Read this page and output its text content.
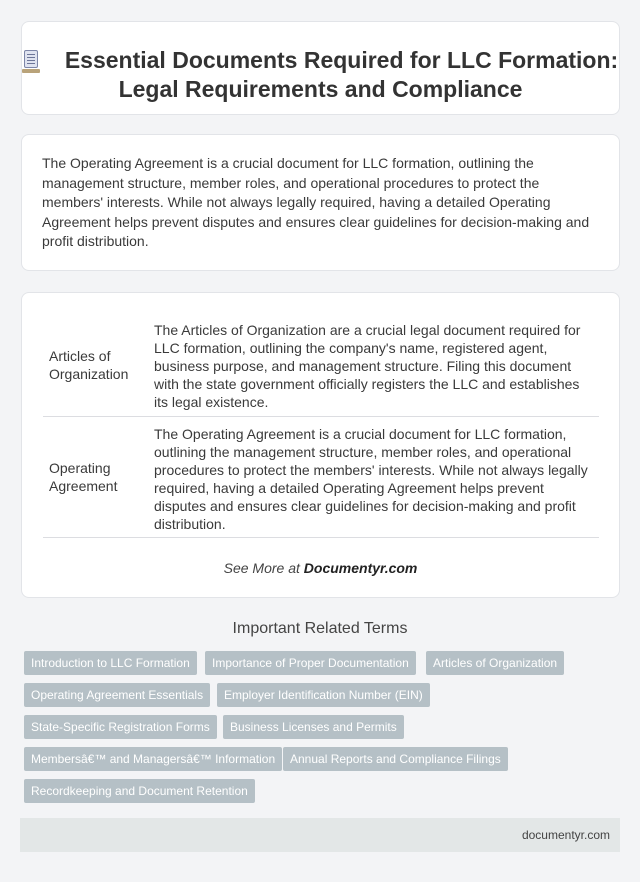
Essential Documents Required for LLC Formation: Legal Requirements and Compliance

The Operating Agreement is a crucial document for LLC formation, outlining the management structure, member roles, and operational procedures to protect the members' interests. While not always legally required, having a detailed Operating Agreement helps prevent disputes and ensures clear guidelines for decision-making and profit distribution.

Articles of Organization
The Articles of Organization are a crucial legal document required for LLC formation, outlining the company's name, registered agent, business purpose, and management structure. Filing this document with the state government officially registers the LLC and establishes its legal existence.
Operating Agreement
The Operating Agreement is a crucial document for LLC formation, outlining the management structure, member roles, and operational procedures to protect the members' interests. While not always legally required, having a detailed Operating Agreement helps prevent disputes and ensures clear guidelines for decision-making and profit distribution.
See More at Documentyr.com
Important Related Terms
Introduction to LLC Formation	Importance of Proper Documentation	Articles of Organization
Operating Agreement Essentials	Employer Identification Number (EIN)
State-Specific Registration Forms	Business Licenses and Permits
Membersâ€™ and Managersâ€™ Information	Annual Reports and Compliance Filings
Recordkeeping and Document Retention
documentyr.com
